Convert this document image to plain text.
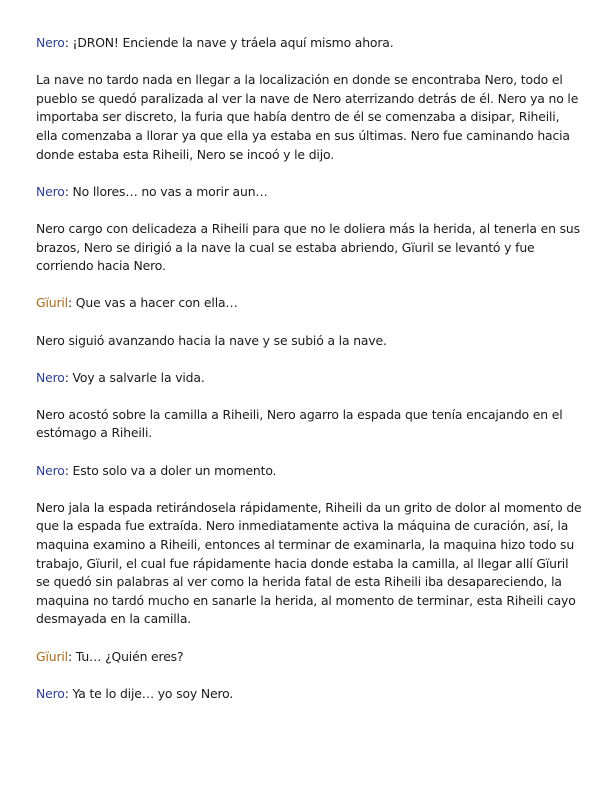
Nero: ¡DRON! Enciende la nave y tráela aquí mismo ahora.

La nave no tardo nada en llegar a la localización en donde se encontraba Nero, todo el pueblo se quedó paralizada al ver la nave de Nero aterrizando detrás de él. Nero ya no le importaba ser discreto, la furia que había dentro de él se comenzaba a disipar, Riheili, ella comenzaba a llorar ya que ella ya estaba en sus últimas. Nero fue caminando hacia donde estaba esta Riheili, Nero se incoó y le dijo.

Nero: No llores… no vas a morir aun…

Nero cargo con delicadeza a Riheili para que no le doliera más la herida, al tenerla en sus brazos, Nero se dirigió a la nave la cual se estaba abriendo, Gïuril se levantó y fue corriendo hacia Nero.

Gïuril: Que vas a hacer con ella…

Nero siguió avanzando hacia la nave y se subió a la nave.

Nero: Voy a salvarle la vida.

Nero acostó sobre la camilla a Riheili, Nero agarro la espada que tenía encajando en el estómago a Riheili.

Nero: Esto solo va a doler un momento.

Nero jala la espada retirándosela rápidamente, Riheili da un grito de dolor al momento de que la espada fue extraída. Nero inmediatamente activa la máquina de curación, así, la maquina examino a Riheili, entonces al terminar de examinarla, la maquina hizo todo su trabajo, Gïuril, el cual fue rápidamente hacia donde estaba la camilla, al llegar allí Gïuril se quedó sin palabras al ver como la herida fatal de esta Riheili iba desapareciendo, la maquina no tardó mucho en sanarle la herida, al momento de terminar, esta Riheili cayo desmayada en la camilla.

Gïuril: Tu… ¿Quién eres?

Nero: Ya te lo dije… yo soy Nero.
